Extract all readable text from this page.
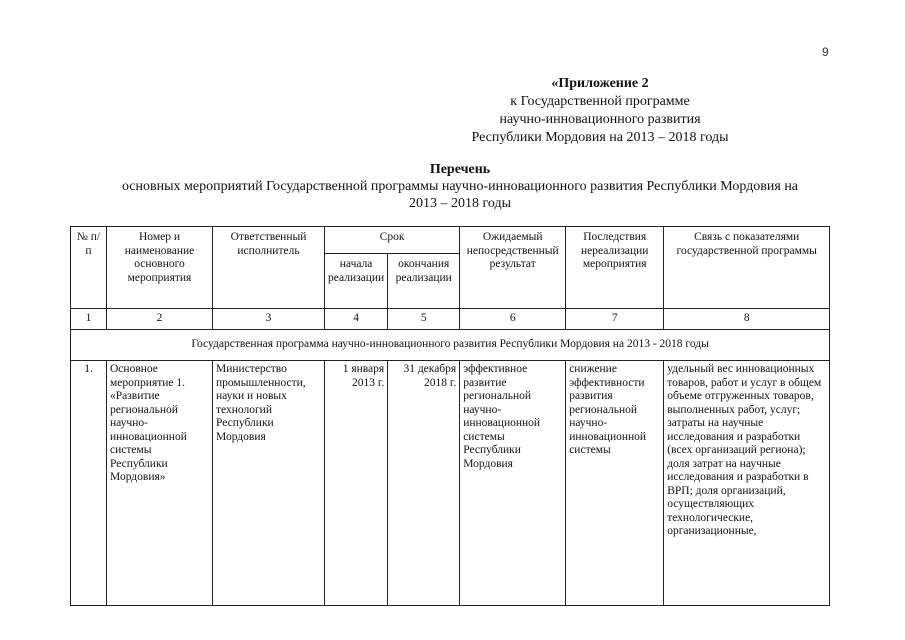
9
«Приложение 2
к Государственной программе
научно-инновационного развития
Республики Мордовия на 2013 – 2018 годы
Перечень
основных мероприятий Государственной программы научно-инновационного развития Республики Мордовия на
2013 – 2018 годы
№ п/п	Номер и наименование основного мероприятия	Ответственный исполнитель	Срок		Ожидаемый непосредственный результат	Последствия нереализации мероприятия	Связь с показателями государственной программы
			начала реализации	окончания реализации			
1	2	3	4	5	6	7	8
Государственная программа научно-инновационного развития Республики Мордовия на 2013 - 2018 годы							
1.	Основное мероприятие 1. «Развитие региональной научно-инновационной системы Республики Мордовия»	Министерство промышленности, науки и новых технологий Республики Мордовия	1 января 2013 г.	31 декабря 2018 г.	эффективное развитие региональной научно-инновационной системы Республики Мордовия	снижение эффективности развития региональной научно-инновационной системы	удельный вес инновационных товаров, работ и услуг в общем объеме отгруженных товаров, выполненных работ, услуг; затраты на научные исследования и разработки (всех организаций региона); доля затрат на научные исследования и разработки в ВРП; доля организаций, осуществляющих технологические, организационные,
